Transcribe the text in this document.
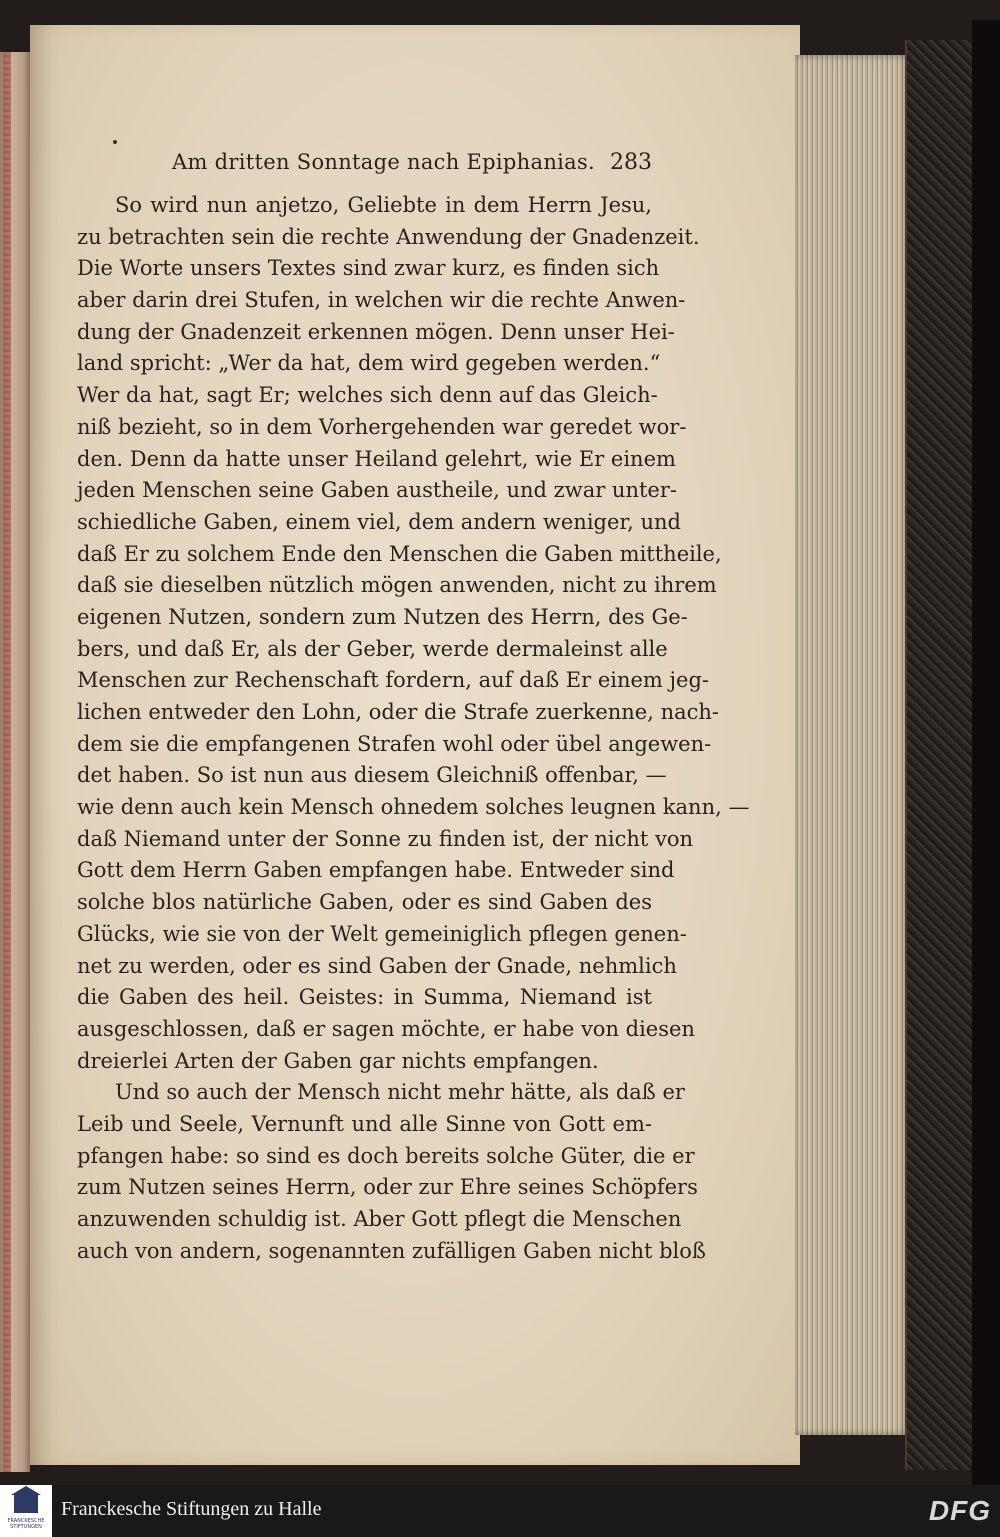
Am dritten Sonntage nach Epiphanias. 283
So wird nun anjetzo, Geliebte in dem Herrn Jesu,
zu betrachten sein die rechte Anwendung der Gnadenzeit.
Die Worte unsers Textes sind zwar kurz, es finden sich
aber darin drei Stufen, in welchen wir die rechte Anwen-
dung der Gnadenzeit erkennen mögen. Denn unser Hei-
land spricht: „Wer da hat, dem wird gegeben werden.“
Wer da hat, sagt Er; welches sich denn auf das Gleich-
niß bezieht, so in dem Vorhergehenden war geredet wor-
den. Denn da hatte unser Heiland gelehrt, wie Er einem
jeden Menschen seine Gaben austheile, und zwar unter-
schiedliche Gaben, einem viel, dem andern weniger, und
daß Er zu solchem Ende den Menschen die Gaben mittheile,
daß sie dieselben nützlich mögen anwenden, nicht zu ihrem
eigenen Nutzen, sondern zum Nutzen des Herrn, des Ge-
bers, und daß Er, als der Geber, werde dermaleinst alle
Menschen zur Rechenschaft fordern, auf daß Er einem jeg-
lichen entweder den Lohn, oder die Strafe zuerkenne, nach-
dem sie die empfangenen Strafen wohl oder übel angewen-
det haben. So ist nun aus diesem Gleichniß offenbar, —
wie denn auch kein Mensch ohnedem solches leugnen kann, —
daß Niemand unter der Sonne zu finden ist, der nicht von
Gott dem Herrn Gaben empfangen habe. Entweder sind
solche blos natürliche Gaben, oder es sind Gaben des
Glücks, wie sie von der Welt gemeiniglich pflegen genen-
net zu werden, oder es sind Gaben der Gnade, nehmlich
die Gaben des heil. Geistes: in Summa, Niemand ist
ausgeschlossen, daß er sagen möchte, er habe von diesen
dreierlei Arten der Gaben gar nichts empfangen.
Und so auch der Mensch nicht mehr hätte, als daß er
Leib und Seele, Vernunft und alle Sinne von Gott em-
pfangen habe: so sind es doch bereits solche Güter, die er
zum Nutzen seines Herrn, oder zur Ehre seines Schöpfers
anzuwenden schuldig ist. Aber Gott pflegt die Menschen
auch von andern, sogenannten zufälligen Gaben nicht bloß
FRANCKESCHE STIFTUNGEN
Franckesche Stiftungen zu Halle	DFG
